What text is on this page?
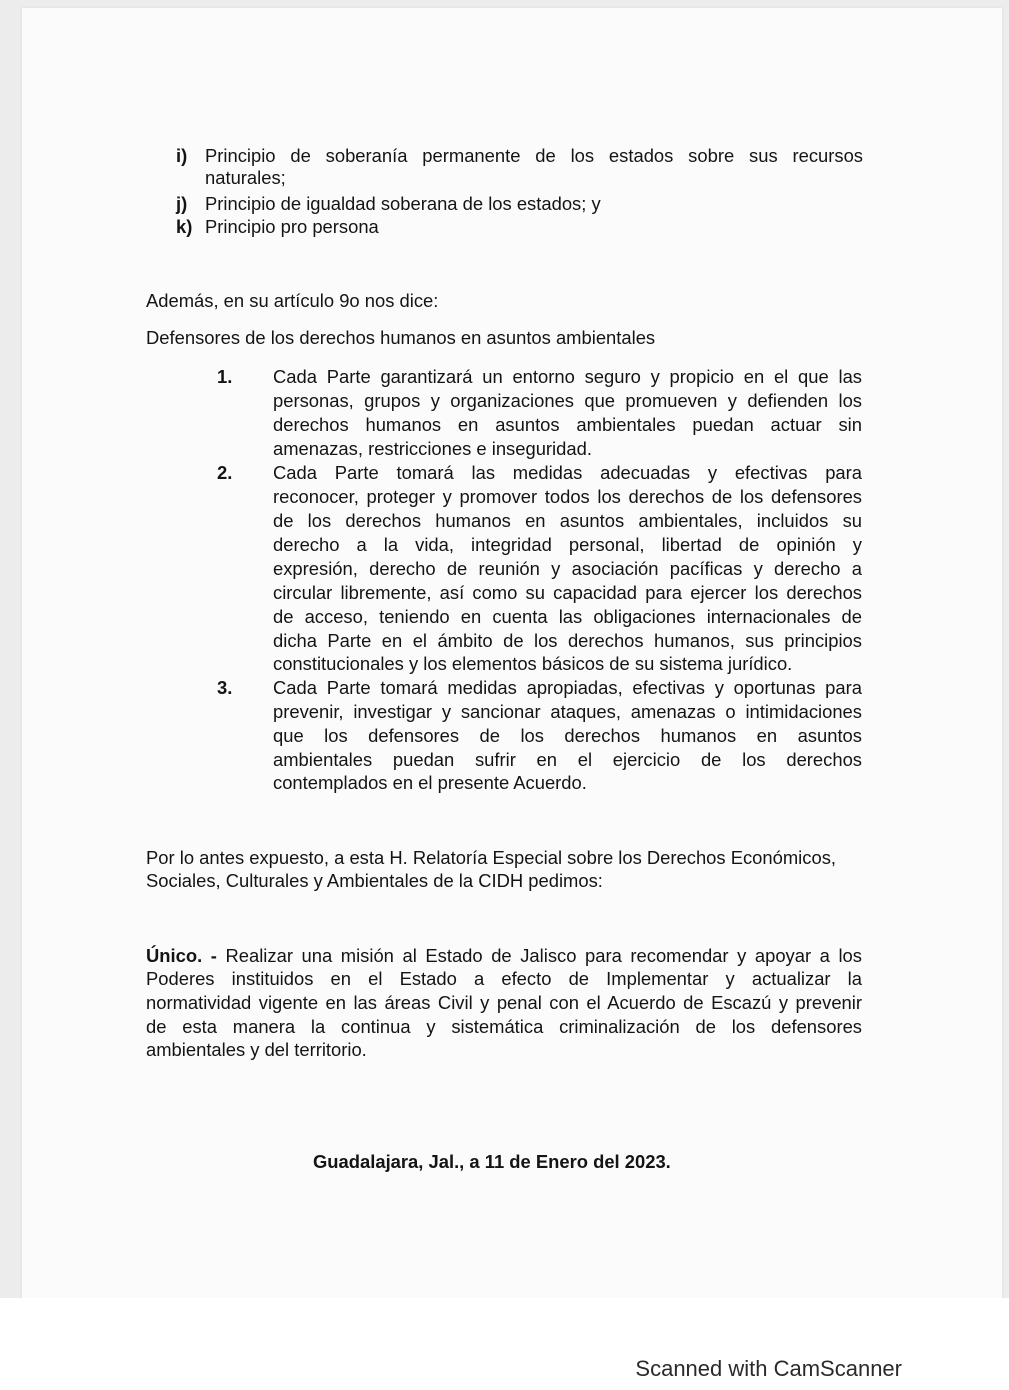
i) Principio de soberanía permanente de los estados sobre sus recursos
naturales;
j) Principio de igualdad soberana de los estados; y
k) Principio pro persona
Además, en su artículo 9o nos dice:
Defensores de los derechos humanos en asuntos ambientales
1. Cada Parte garantizará un entorno seguro y propicio en el que las
personas, grupos y organizaciones que promueven y defienden los
derechos humanos en asuntos ambientales puedan actuar sin
amenazas, restricciones e inseguridad.
2. Cada Parte tomará las medidas adecuadas y efectivas para
reconocer, proteger y promover todos los derechos de los defensores
de los derechos humanos en asuntos ambientales, incluidos su
derecho a la vida, integridad personal, libertad de opinión y
expresión, derecho de reunión y asociación pacíficas y derecho a
circular libremente, así como su capacidad para ejercer los derechos
de acceso, teniendo en cuenta las obligaciones internacionales de
dicha Parte en el ámbito de los derechos humanos, sus principios
constitucionales y los elementos básicos de su sistema jurídico.
3. Cada Parte tomará medidas apropiadas, efectivas y oportunas para
prevenir, investigar y sancionar ataques, amenazas o intimidaciones
que los defensores de los derechos humanos en asuntos
ambientales puedan sufrir en el ejercicio de los derechos
contemplados en el presente Acuerdo.
Por lo antes expuesto, a esta H. Relatoría Especial sobre los Derechos Económicos,
Sociales, Culturales y Ambientales de la CIDH pedimos:
Único. - Realizar una misión al Estado de Jalisco para recomendar y apoyar a los
Poderes instituidos en el Estado a efecto de Implementar y actualizar la
normatividad vigente en las áreas Civil y penal con el Acuerdo de Escazú y prevenir
de esta manera la continua y sistemática criminalización de los defensores
ambientales y del territorio.
Guadalajara, Jal., a 11 de Enero del 2023.
Scanned with CamScanner
